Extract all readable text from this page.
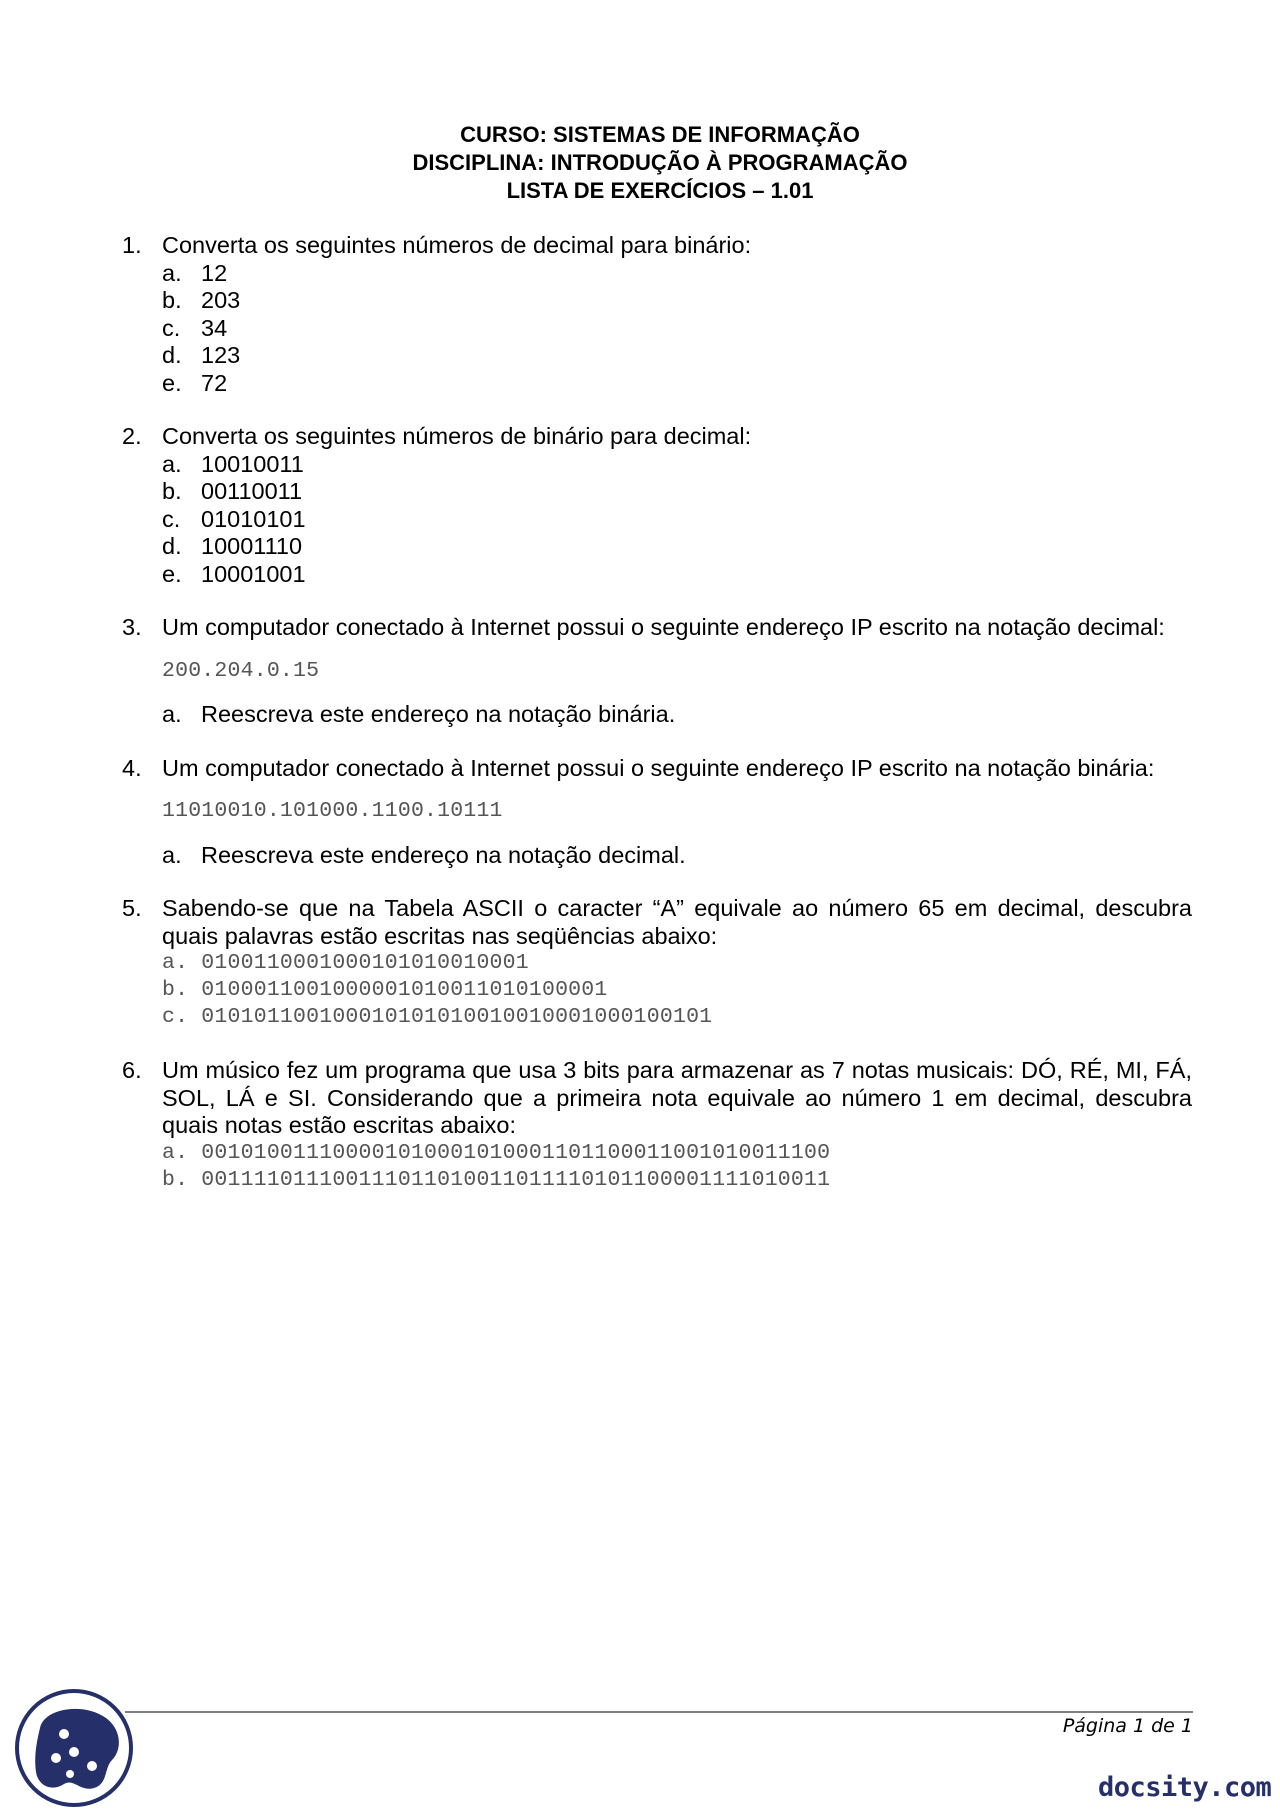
CURSO: SISTEMAS DE INFORMAÇÃO
DISCIPLINA: INTRODUÇÃO À PROGRAMAÇÃO
LISTA DE EXERCÍCIOS – 1.01
1. Converta os seguintes números de decimal para binário:
a. 12
b. 203
c. 34
d. 123
e. 72
2. Converta os seguintes números de binário para decimal:
a. 10010011
b. 00110011
c. 01010101
d. 10001110
e. 10001001
3. Um computador conectado à Internet possui o seguinte endereço IP escrito na notação decimal:
200.204.0.15
a. Reescreva este endereço na notação binária.
4. Um computador conectado à Internet possui o seguinte endereço IP escrito na notação binária:
11010010.101000.1100.10111
a. Reescreva este endereço na notação decimal.
5. Sabendo-se que na Tabela ASCII o caracter “A” equivale ao número 65 em decimal, descubra quais palavras estão escritas nas seqüências abaixo:
a. 0100110001000101010010001
b. 0100011001000001010011010100001
c. 010101100100010101010010010001000100101
6. Um músico fez um programa que usa 3 bits para armazenar as 7 notas musicais: DÓ, RÉ, MI, FÁ, SOL, LÁ e SI. Considerando que a primeira nota equivale ao número 1 em decimal, descubra quais notas estão escritas abaixo:
a. 001010011100001010001010001101100011001010011100
b. 001111011100111011010011011110101100001111010011
Página 1 de 1
docsity.com
